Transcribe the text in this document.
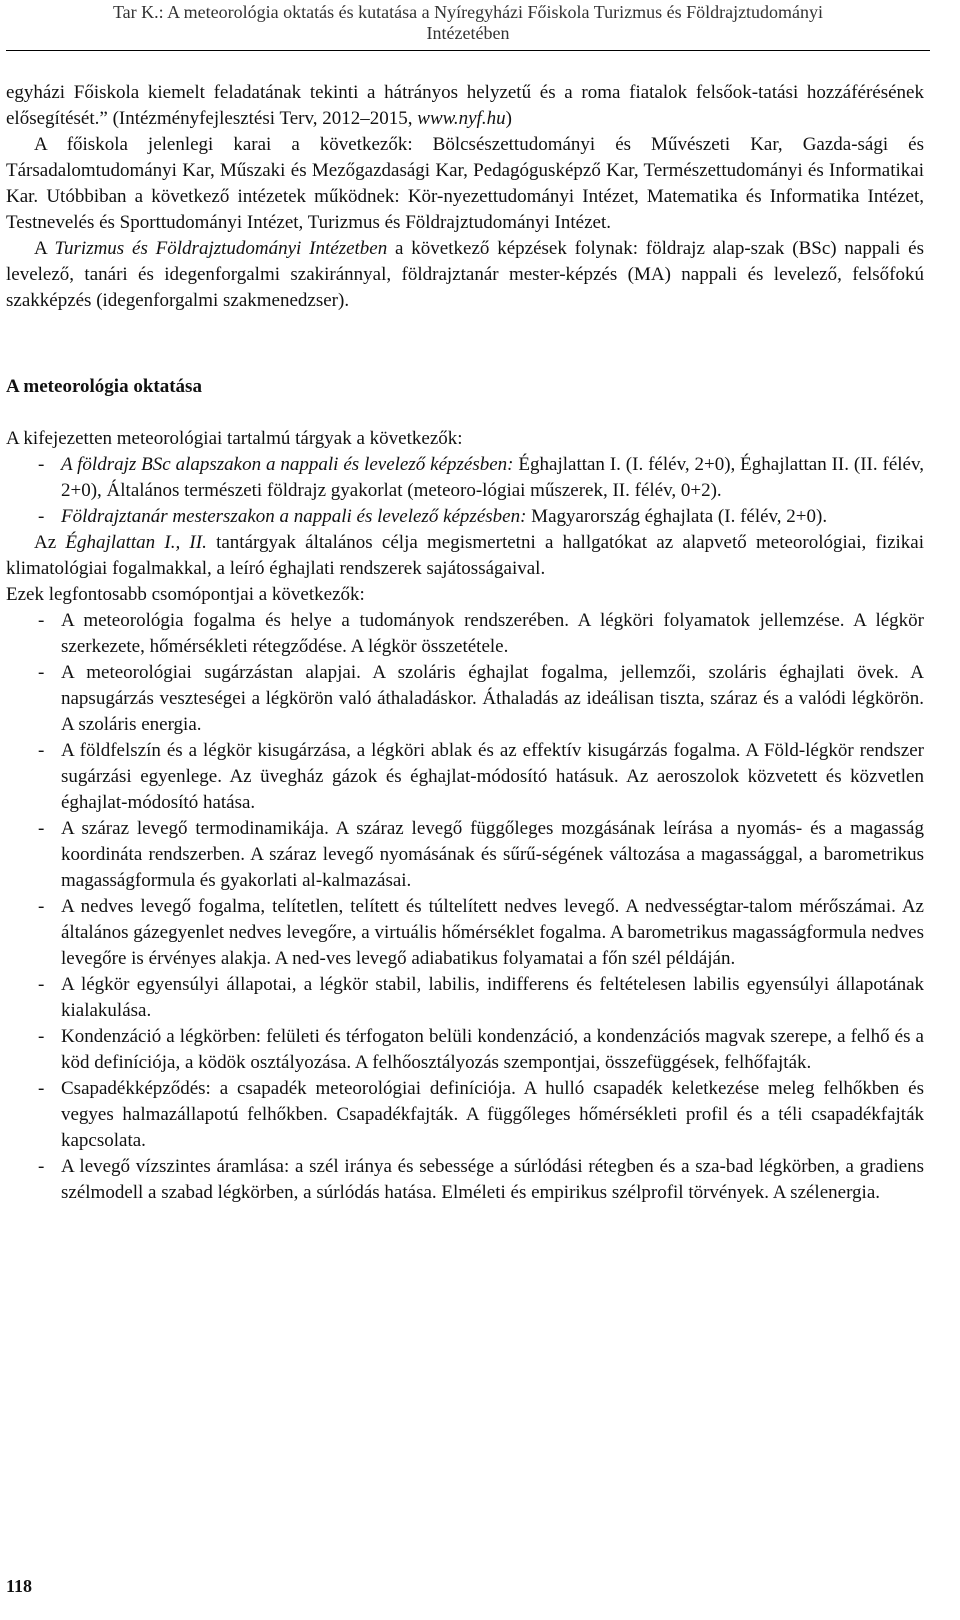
Tar K.: A meteorológia oktatás és kutatása a Nyíregyházi Főiskola Turizmus és Földrajztudományi
Intézetében

egyházi Főiskola kiemelt feladatának tekinti a hátrányos helyzetű és a roma fiatalok felsőok-tatási hozzáférésének elősegítését.” (Intézményfejlesztési Terv, 2012–2015, www.nyf.hu)

A főiskola jelenlegi karai a következők: Bölcsészettudományi és Művészeti Kar, Gazda-sági és Társadalomtudományi Kar, Műszaki és Mezőgazdasági Kar, Pedagógusképző Kar, Természettudományi és Informatikai Kar. Utóbbiban a következő intézetek működnek: Kör-nyezettudományi Intézet, Matematika és Informatika Intézet, Testnevelés és Sporttudományi Intézet, Turizmus és Földrajztudományi Intézet.

A Turizmus és Földrajztudományi Intézetben a következő képzések folynak: földrajz alap-szak (BSc) nappali és levelező, tanári és idegenforgalmi szakiránnyal, földrajztanár mester-képzés (MA) nappali és levelező, felsőfokú szakképzés (idegenforgalmi szakmenedzser).

A meteorológia oktatása

A kifejezetten meteorológiai tartalmú tárgyak a következők:

- A földrajz BSc alapszakon a nappali és levelező képzésben: Éghajlattan I. (I. félév, 2+0), Éghajlattan II. (II. félév, 2+0), Általános természeti földrajz gyakorlat (meteoro-lógiai műszerek, II. félév, 0+2).
- Földrajztanár mesterszakon a nappali és levelező képzésben: Magyarország éghajlata (I. félév, 2+0).

Az Éghajlattan I., II. tantárgyak általános célja megismertetni a hallgatókat az alapvető meteorológiai, fizikai klimatológiai fogalmakkal, a leíró éghajlati rendszerek sajátosságaival.

Ezek legfontosabb csomópontjai a következők:

- A meteorológia fogalma és helye a tudományok rendszerében. A légköri folyamatok jellemzése. A légkör szerkezete, hőmérsékleti rétegződése. A légkör összetétele.
- A meteorológiai sugárzástan alapjai. A szoláris éghajlat fogalma, jellemzői, szoláris éghajlati övek. A napsugárzás veszteségei a légkörön való áthaladáskor. Áthaladás az ideálisan tiszta, száraz és a valódi légkörön. A szoláris energia.
- A földfelszín és a légkör kisugárzása, a légköri ablak és az effektív kisugárzás fogalma. A Föld-légkör rendszer sugárzási egyenlege. Az üvegház gázok és éghajlat-módosító hatásuk. Az aeroszolok közvetett és közvetlen éghajlat-módosító hatása.
- A száraz levegő termodinamikája. A száraz levegő függőleges mozgásának leírása a nyomás- és a magasság koordináta rendszerben. A száraz levegő nyomásának és sűrű-ségének változása a magassággal, a barometrikus magasságformula és gyakorlati al-kalmazásai.
- A nedves levegő fogalma, telítetlen, telített és túltelített nedves levegő. A nedvességtar-talom mérőszámai. Az általános gázegyenlet nedves levegőre, a virtuális hőmérséklet fogalma. A barometrikus magasságformula nedves levegőre is érvényes alakja. A ned-ves levegő adiabatikus folyamatai a főn szél példáján.
- A légkör egyensúlyi állapotai, a légkör stabil, labilis, indifferens és feltételesen labilis egyensúlyi állapotának kialakulása.
- Kondenzáció a légkörben: felületi és térfogaton belüli kondenzáció, a kondenzációs magvak szerepe, a felhő és a köd definíciója, a ködök osztályozása. A felhőosztályozás szempontjai, összefüggések, felhőfajták.
- Csapadékképződés: a csapadék meteorológiai definíciója. A hulló csapadék keletkezése meleg felhőkben és vegyes halmazállapotú felhőkben. Csapadékfajták. A függőleges hőmérsékleti profil és a téli csapadékfajták kapcsolata.
- A levegő vízszintes áramlása: a szél iránya és sebessége a súrlódási rétegben és a sza-bad légkörben, a gradiens szélmodell a szabad légkörben, a súrlódás hatása. Elméleti és empirikus szélprofil törvények. A szélenergia.
118
